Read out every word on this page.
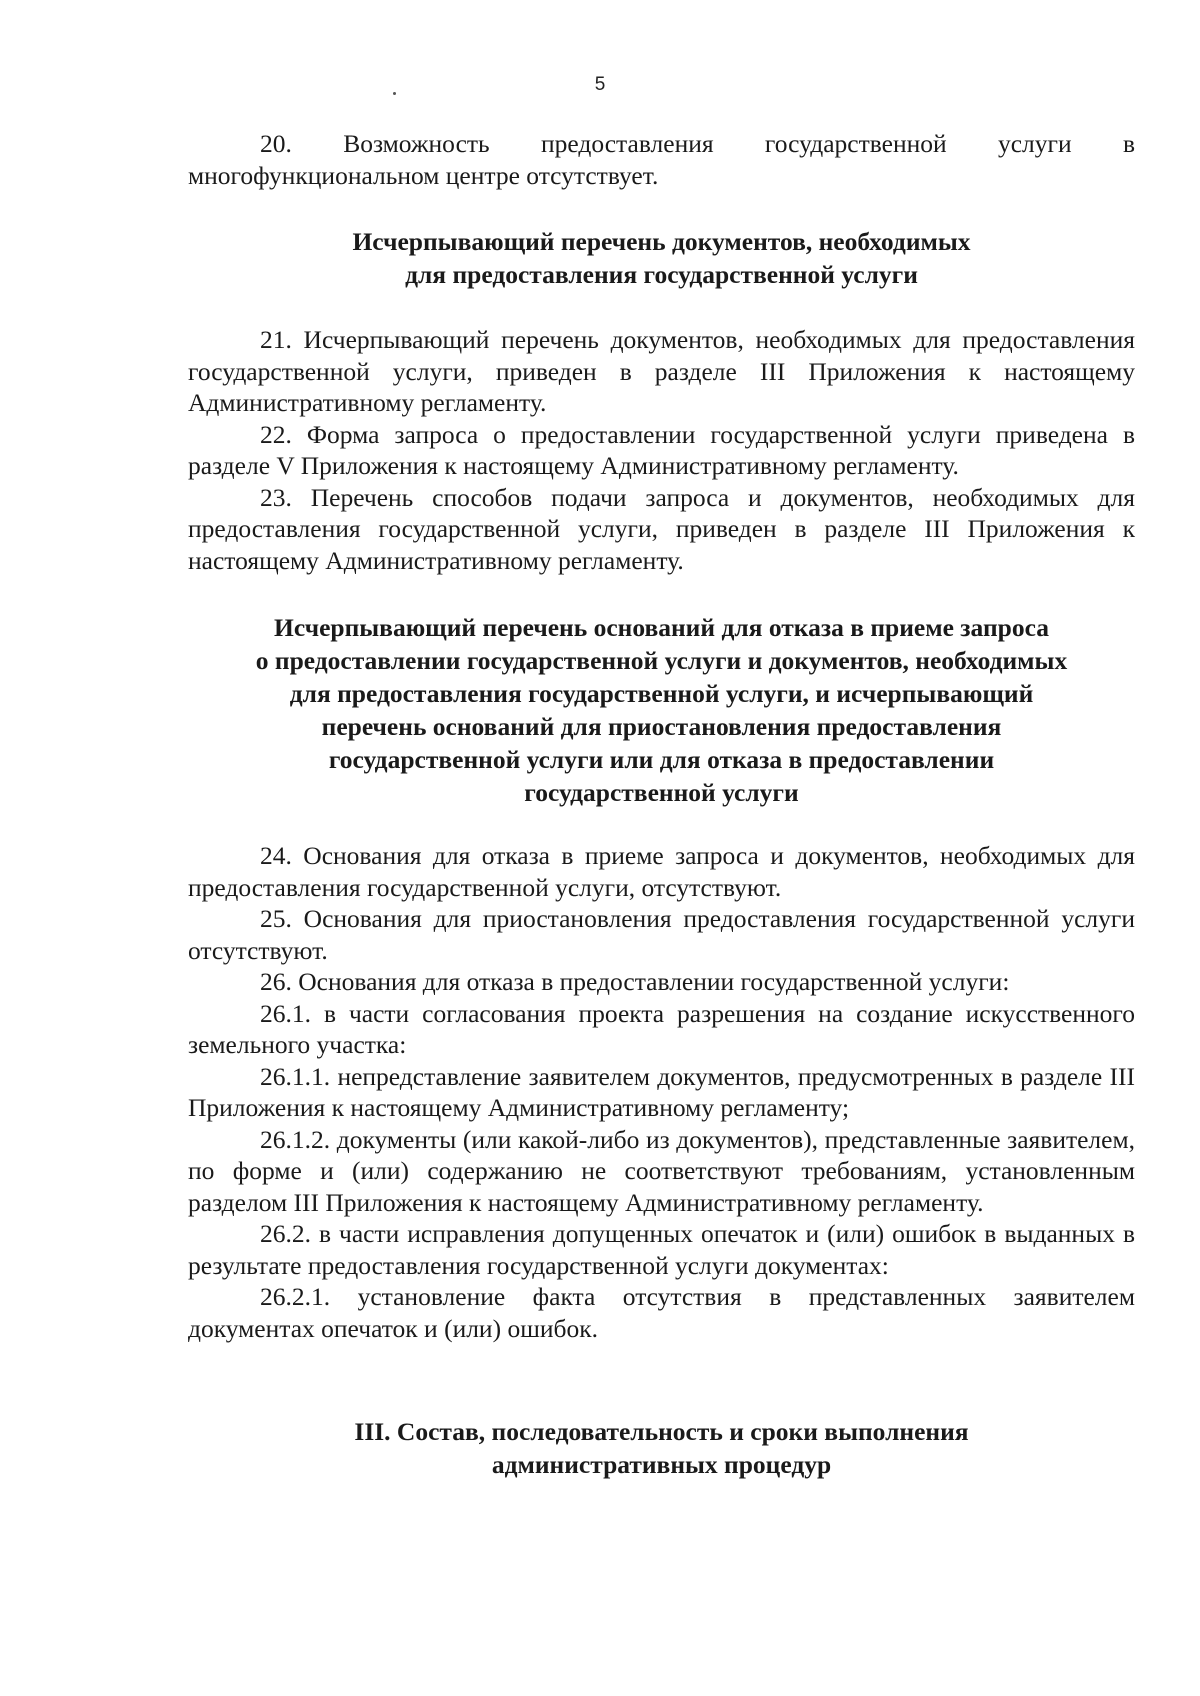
5

20. Возможность предоставления государственной услуги в многофункциональном центре отсутствует.

Исчерпывающий перечень документов, необходимых

для предоставления государственной услуги

21. Исчерпывающий перечень документов, необходимых для предоставления государственной услуги, приведен в разделе III Приложения к настоящему Административному регламенту.

22. Форма запроса о предоставлении государственной услуги приведена в разделе V Приложения к настоящему Административному регламенту.

23. Перечень способов подачи запроса и документов, необходимых для предоставления государственной услуги, приведен в разделе III Приложения к настоящему Административному регламенту.

Исчерпывающий перечень оснований для отказа в приеме запроса

о предоставлении государственной услуги и документов, необходимых

для предоставления государственной услуги, и исчерпывающий

перечень оснований для приостановления предоставления

государственной услуги или для отказа в предоставлении

государственной услуги

24. Основания для отказа в приеме запроса и документов, необходимых для предоставления государственной услуги, отсутствуют.

25. Основания для приостановления предоставления государственной услуги отсутствуют.

26. Основания для отказа в предоставлении государственной услуги:

26.1. в части согласования проекта разрешения на создание искусственного земельного участка:

26.1.1. непредставление заявителем документов, предусмотренных в разделе III Приложения к настоящему Административному регламенту;

26.1.2. документы (или какой-либо из документов), представленные заявителем, по форме и (или) содержанию не соответствуют требованиям, установленным разделом III Приложения к настоящему Административному регламенту.

26.2. в части исправления допущенных опечаток и (или) ошибок в выданных в результате предоставления государственной услуги документах:

26.2.1. установление факта отсутствия в представленных заявителем документах опечаток и (или) ошибок.

III. Состав, последовательность и сроки выполнения

административных процедур
